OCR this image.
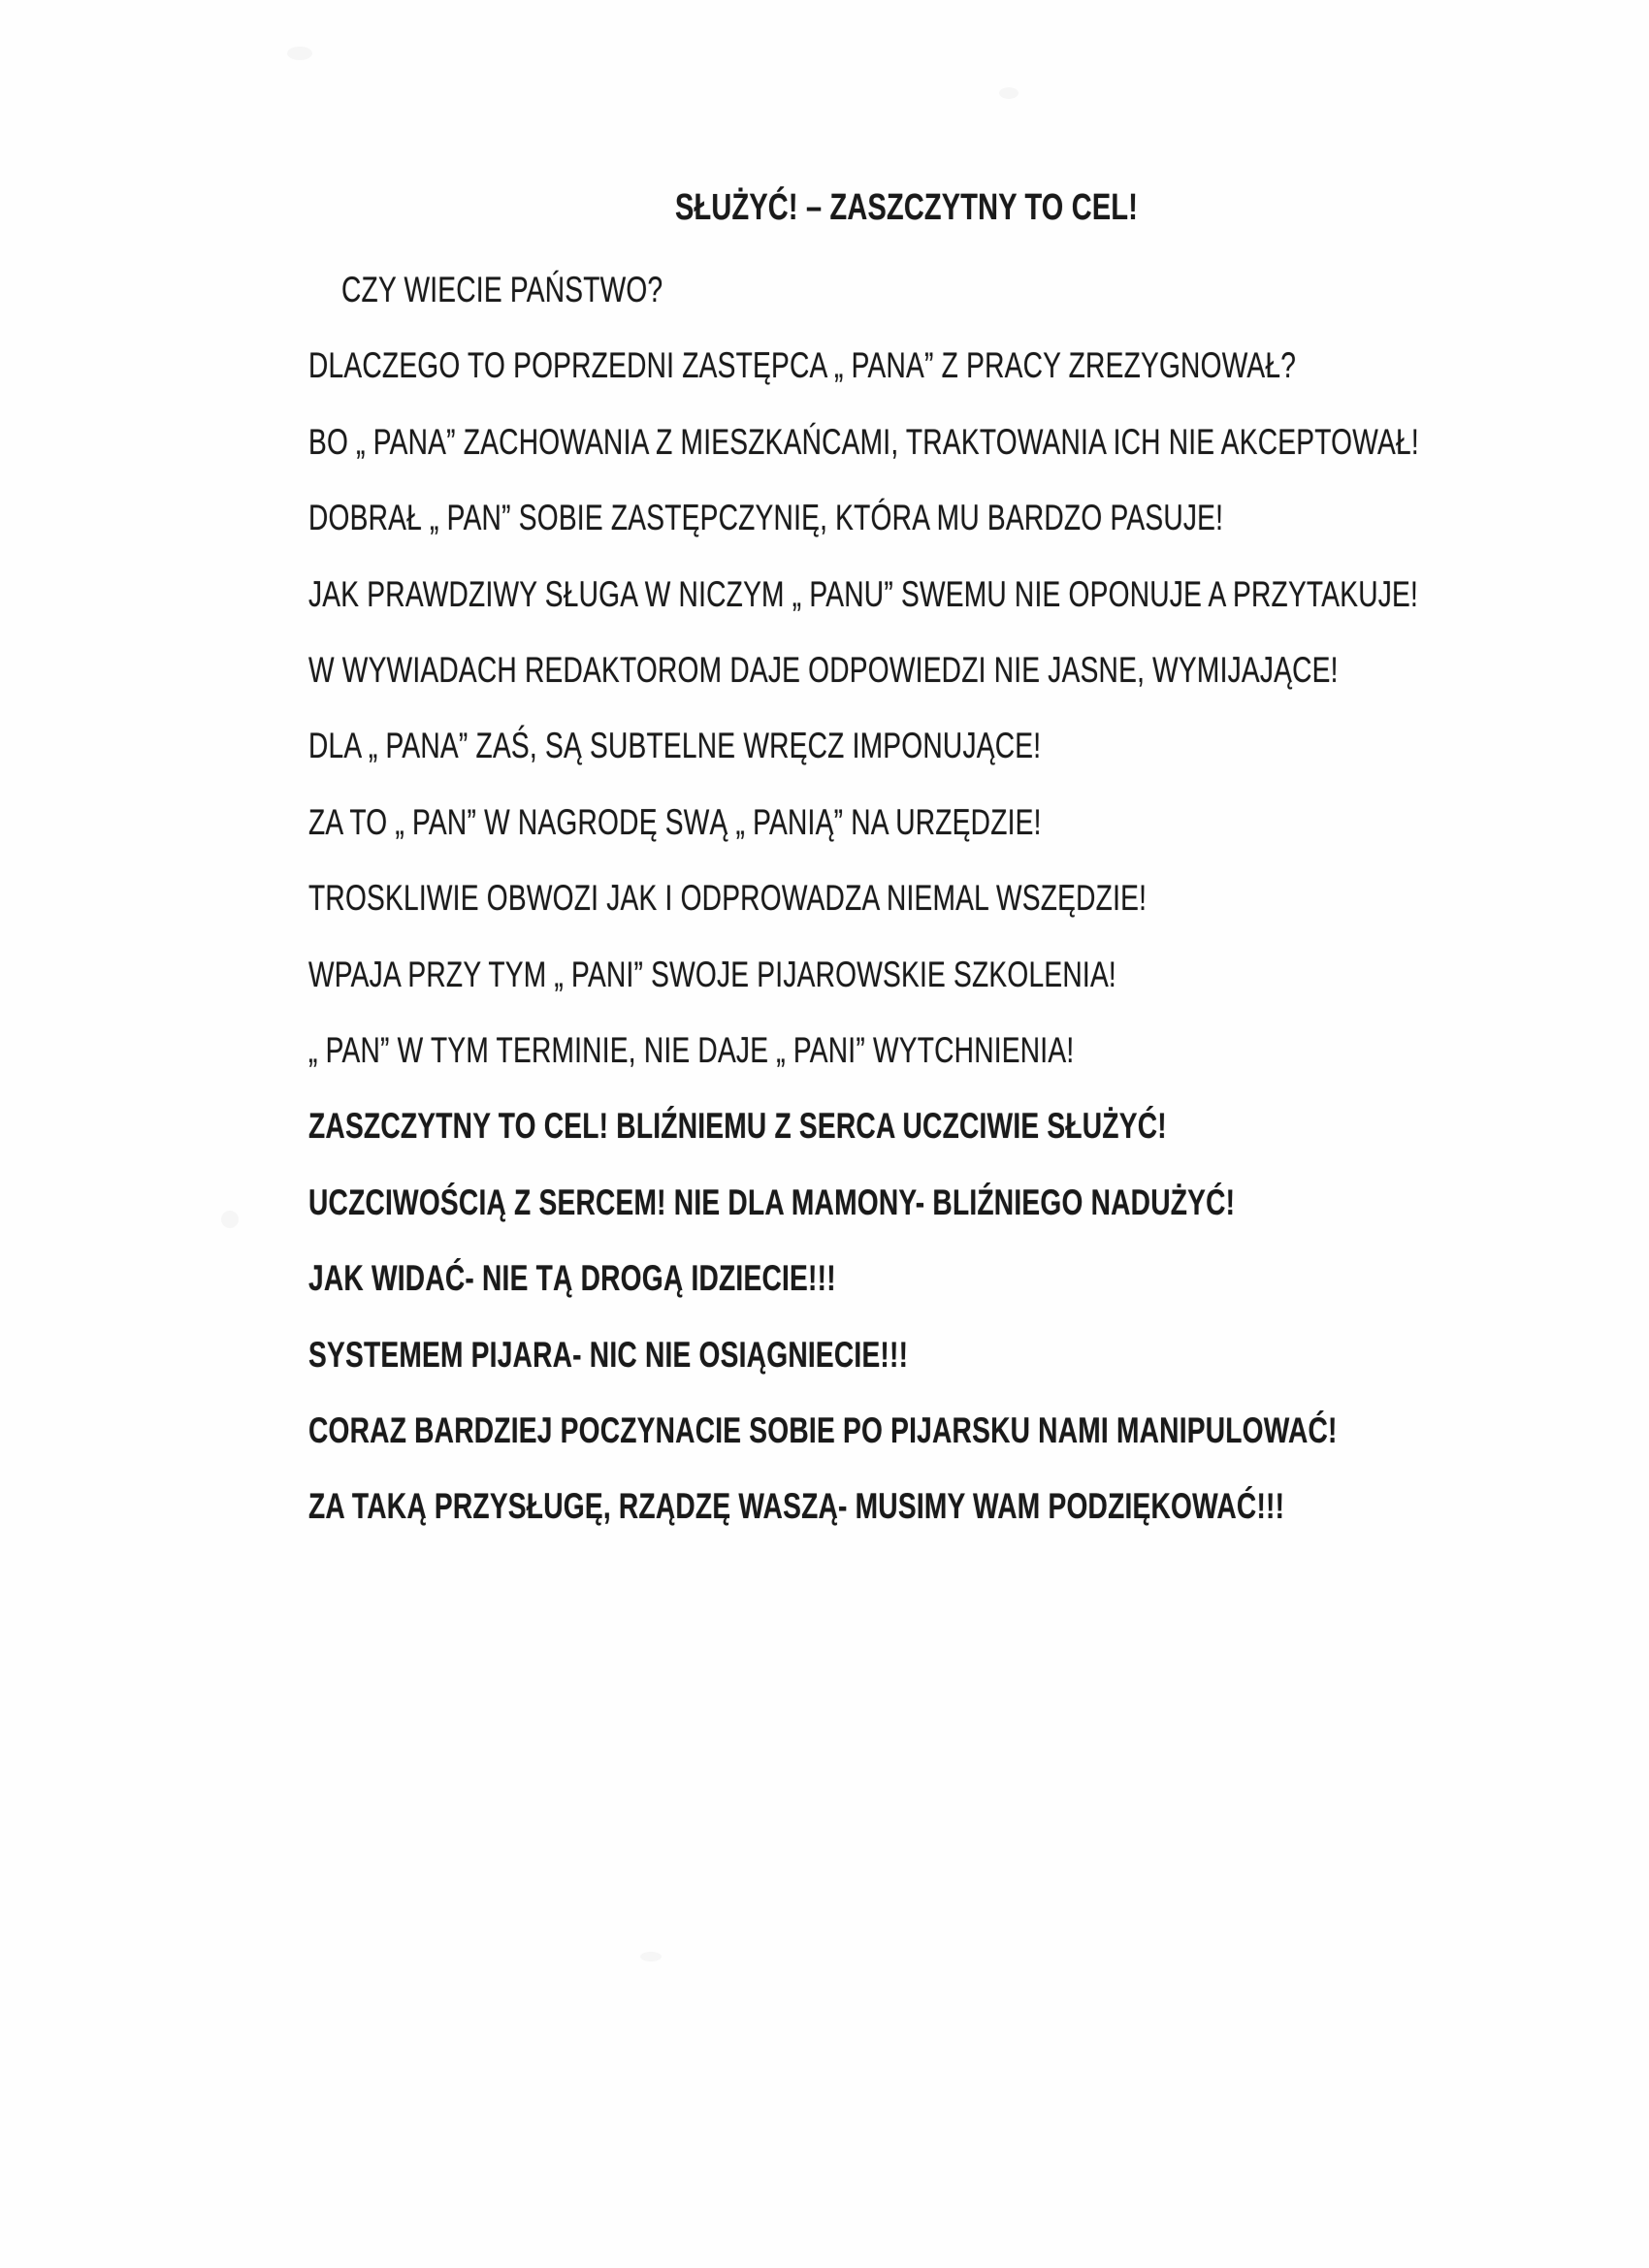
SŁUŻYĆ! – ZASZCZYTNY TO CEL!
CZY WIECIE PAŃSTWO?
DLACZEGO TO POPRZEDNI ZASTĘPCA „ PANA” Z PRACY ZREZYGNOWAŁ?
BO „ PANA” ZACHOWANIA Z MIESZKAŃCAMI, TRAKTOWANIA ICH NIE AKCEPTOWAŁ!
DOBRAŁ „ PAN” SOBIE ZASTĘPCZYNIĘ, KTÓRA MU BARDZO PASUJE!
JAK PRAWDZIWY SŁUGA W NICZYM „ PANU” SWEMU NIE OPONUJE A PRZYTAKUJE!
W WYWIADACH REDAKTOROM DAJE ODPOWIEDZI NIE JASNE, WYMIJAJĄCE!
DLA „ PANA” ZAŚ, SĄ SUBTELNE WRĘCZ IMPONUJĄCE!
ZA TO „ PAN” W NAGRODĘ SWĄ „ PANIĄ” NA URZĘDZIE!
TROSKLIWIE OBWOZI JAK I ODPROWADZA NIEMAL WSZĘDZIE!
WPAJA PRZY TYM „ PANI” SWOJE PIJAROWSKIE SZKOLENIA!
„ PAN” W TYM TERMINIE, NIE DAJE „ PANI” WYTCHNIENIA!
ZASZCZYTNY TO CEL! BLIŹNIEMU Z SERCA UCZCIWIE SŁUŻYĆ!
UCZCIWOŚCIĄ Z SERCEM! NIE DLA MAMONY- BLIŹNIEGO NADUŻYĆ!
JAK WIDAĆ- NIE TĄ DROGĄ IDZIECIE!!!
SYSTEMEM PIJARA- NIC NIE OSIĄGNIECIE!!!
CORAZ BARDZIEJ POCZYNACIE SOBIE PO PIJARSKU NAMI MANIPULOWAĆ!
ZA TAKĄ PRZYSŁUGĘ, RZĄDZĘ WASZĄ- MUSIMY WAM PODZIĘKOWAĆ!!!
